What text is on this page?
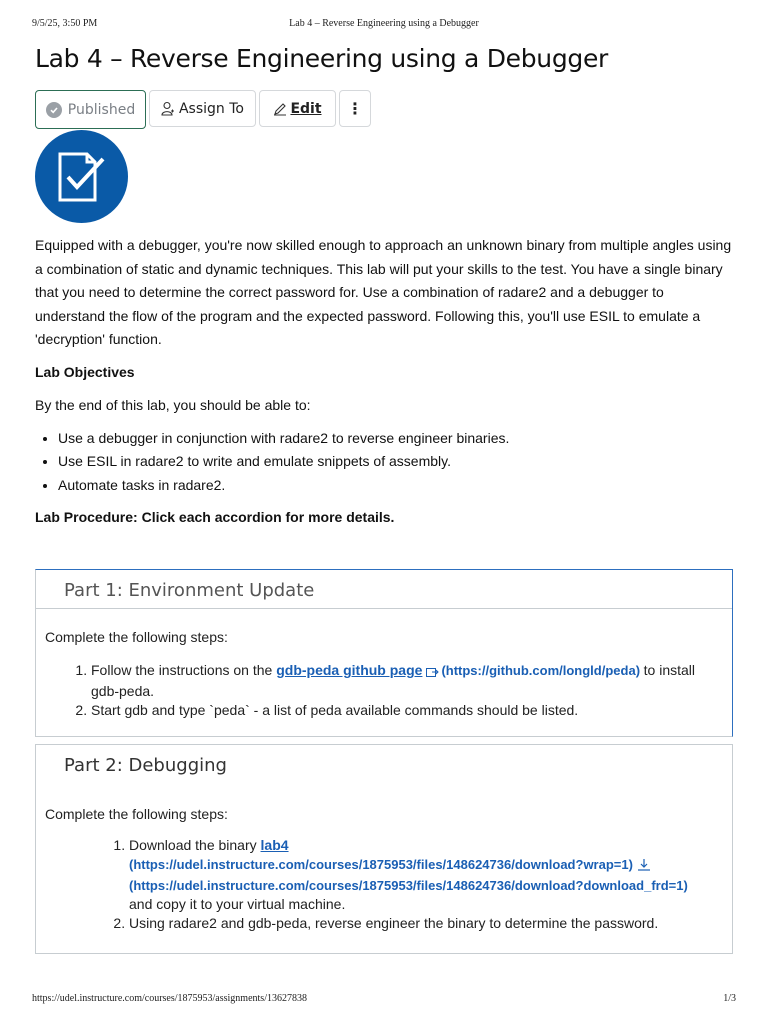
9/5/25, 3:50 PM	Lab 4 – Reverse Engineering using a Debugger
Lab 4 – Reverse Engineering using a Debugger
Published	Assign To	Edit ⋮

Equipped with a debugger, you're now skilled enough to approach an unknown binary from multiple angles using a combination of static and dynamic techniques. This lab will put your skills to the test. You have a single binary that you need to determine the correct password for. Use a combination of radare2 and a debugger to understand the flow of the program and the expected password. Following this, you'll use ESIL to emulate a 'decryption' function.

Lab Objectives

By the end of this lab, you should be able to:

• Use a debugger in conjunction with radare2 to reverse engineer binaries.
• Use ESIL in radare2 to write and emulate snippets of assembly.
• Automate tasks in radare2.

Lab Procedure: Click each accordion for more details.

Part 1: Environment Update
Complete the following steps:
1. Follow the instructions on the gdb-peda github page (https://github.com/longld/peda) to install gdb-peda.
2. Start gdb and type `peda` - a list of peda available commands should be listed.
Part 2: Debugging
Complete the following steps:
1. Download the binary lab4
(https://udel.instructure.com/courses/1875953/files/148624736/download?wrap=1)
(https://udel.instructure.com/courses/1875953/files/148624736/download?download_frd=1)
and copy it to your virtual machine.
2. Using radare2 and gdb-peda, reverse engineer the binary to determine the password.
https://udel.instructure.com/courses/1875953/assignments/13627838	1/3
